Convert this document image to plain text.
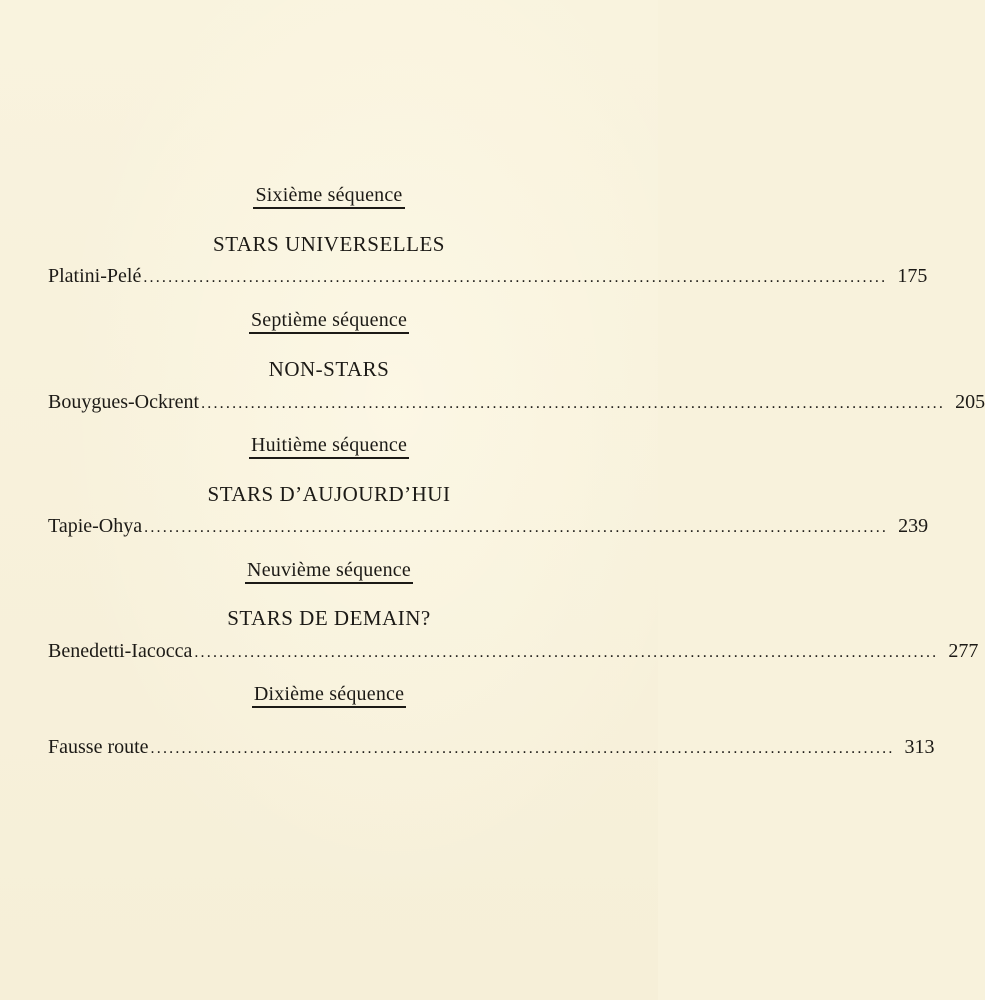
Sixième séquence
STARS UNIVERSELLES
Platini-Pelé ........................................................................................................................ 175
Septième séquence
NON-STARS
Bouygues-Ockrent ........................................................................................................................ 205
Huitième séquence
STARS D’AUJOURD’HUI
Tapie-Ohya ........................................................................................................................ 239
Neuvième séquence
STARS DE DEMAIN?
Benedetti-Iacocca ........................................................................................................................ 277
Dixième séquence
Fausse route ........................................................................................................................ 313
